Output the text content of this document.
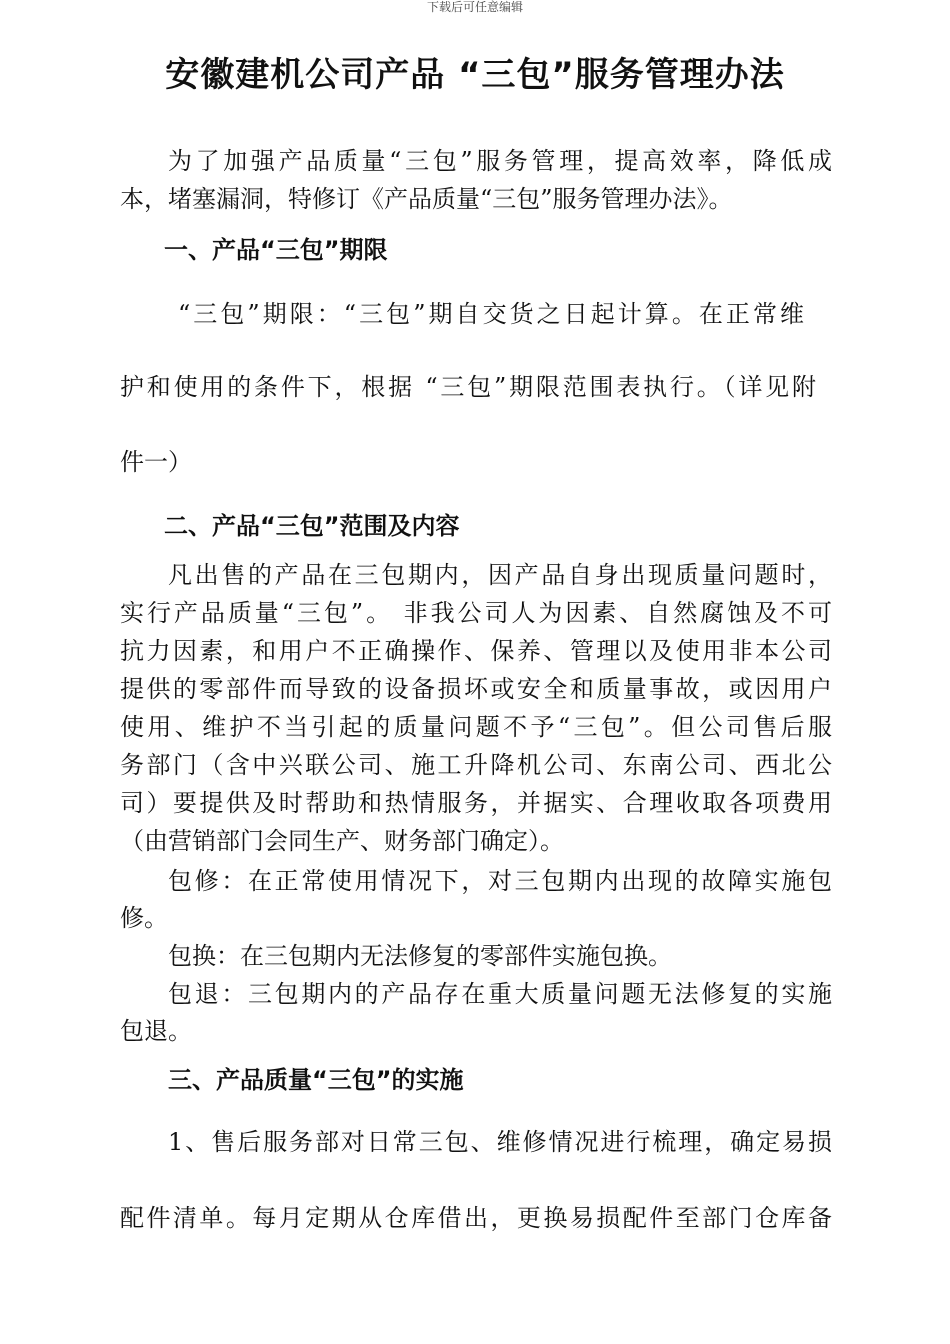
下载后可任意编辑
安徽建机公司产品 “三包”服务管理办法
为了加强产品质量“三包”服务管理，提高效率，降低成
本，堵塞漏洞，特修订《产品质量“三包”服务管理办法》。
一、产品“三包”期限
“三包”期限：“三包”期自交货之日起计算。在正常维
护和使用的条件下，根据 “三包”期限范围表执行。（详见附
件一）
二、产品“三包”范围及内容
凡出售的产品在三包期内，因产品自身出现质量问题时，
实行产品质量“三包”。 非我公司人为因素、自然腐蚀及不可
抗力因素，和用户不正确操作、保养、管理以及使用非本公司
提供的零部件而导致的设备损坏或安全和质量事故，或因用户
使用、维护不当引起的质量问题不予“三包”。但公司售后服
务部门（含中兴联公司、施工升降机公司、东南公司、西北公
司）要提供及时帮助和热情服务，并据实、合理收取各项费用
（由营销部门会同生产、财务部门确定）。
包修：在正常使用情况下，对三包期内出现的故障实施包
修。
包换：在三包期内无法修复的零部件实施包换。
包退：三包期内的产品存在重大质量问题无法修复的实施
包退。
三、产品质量“三包”的实施
1、售后服务部对日常三包、维修情况进行梳理，确定易损
配件清单。每月定期从仓库借出，更换易损配件至部门仓库备
